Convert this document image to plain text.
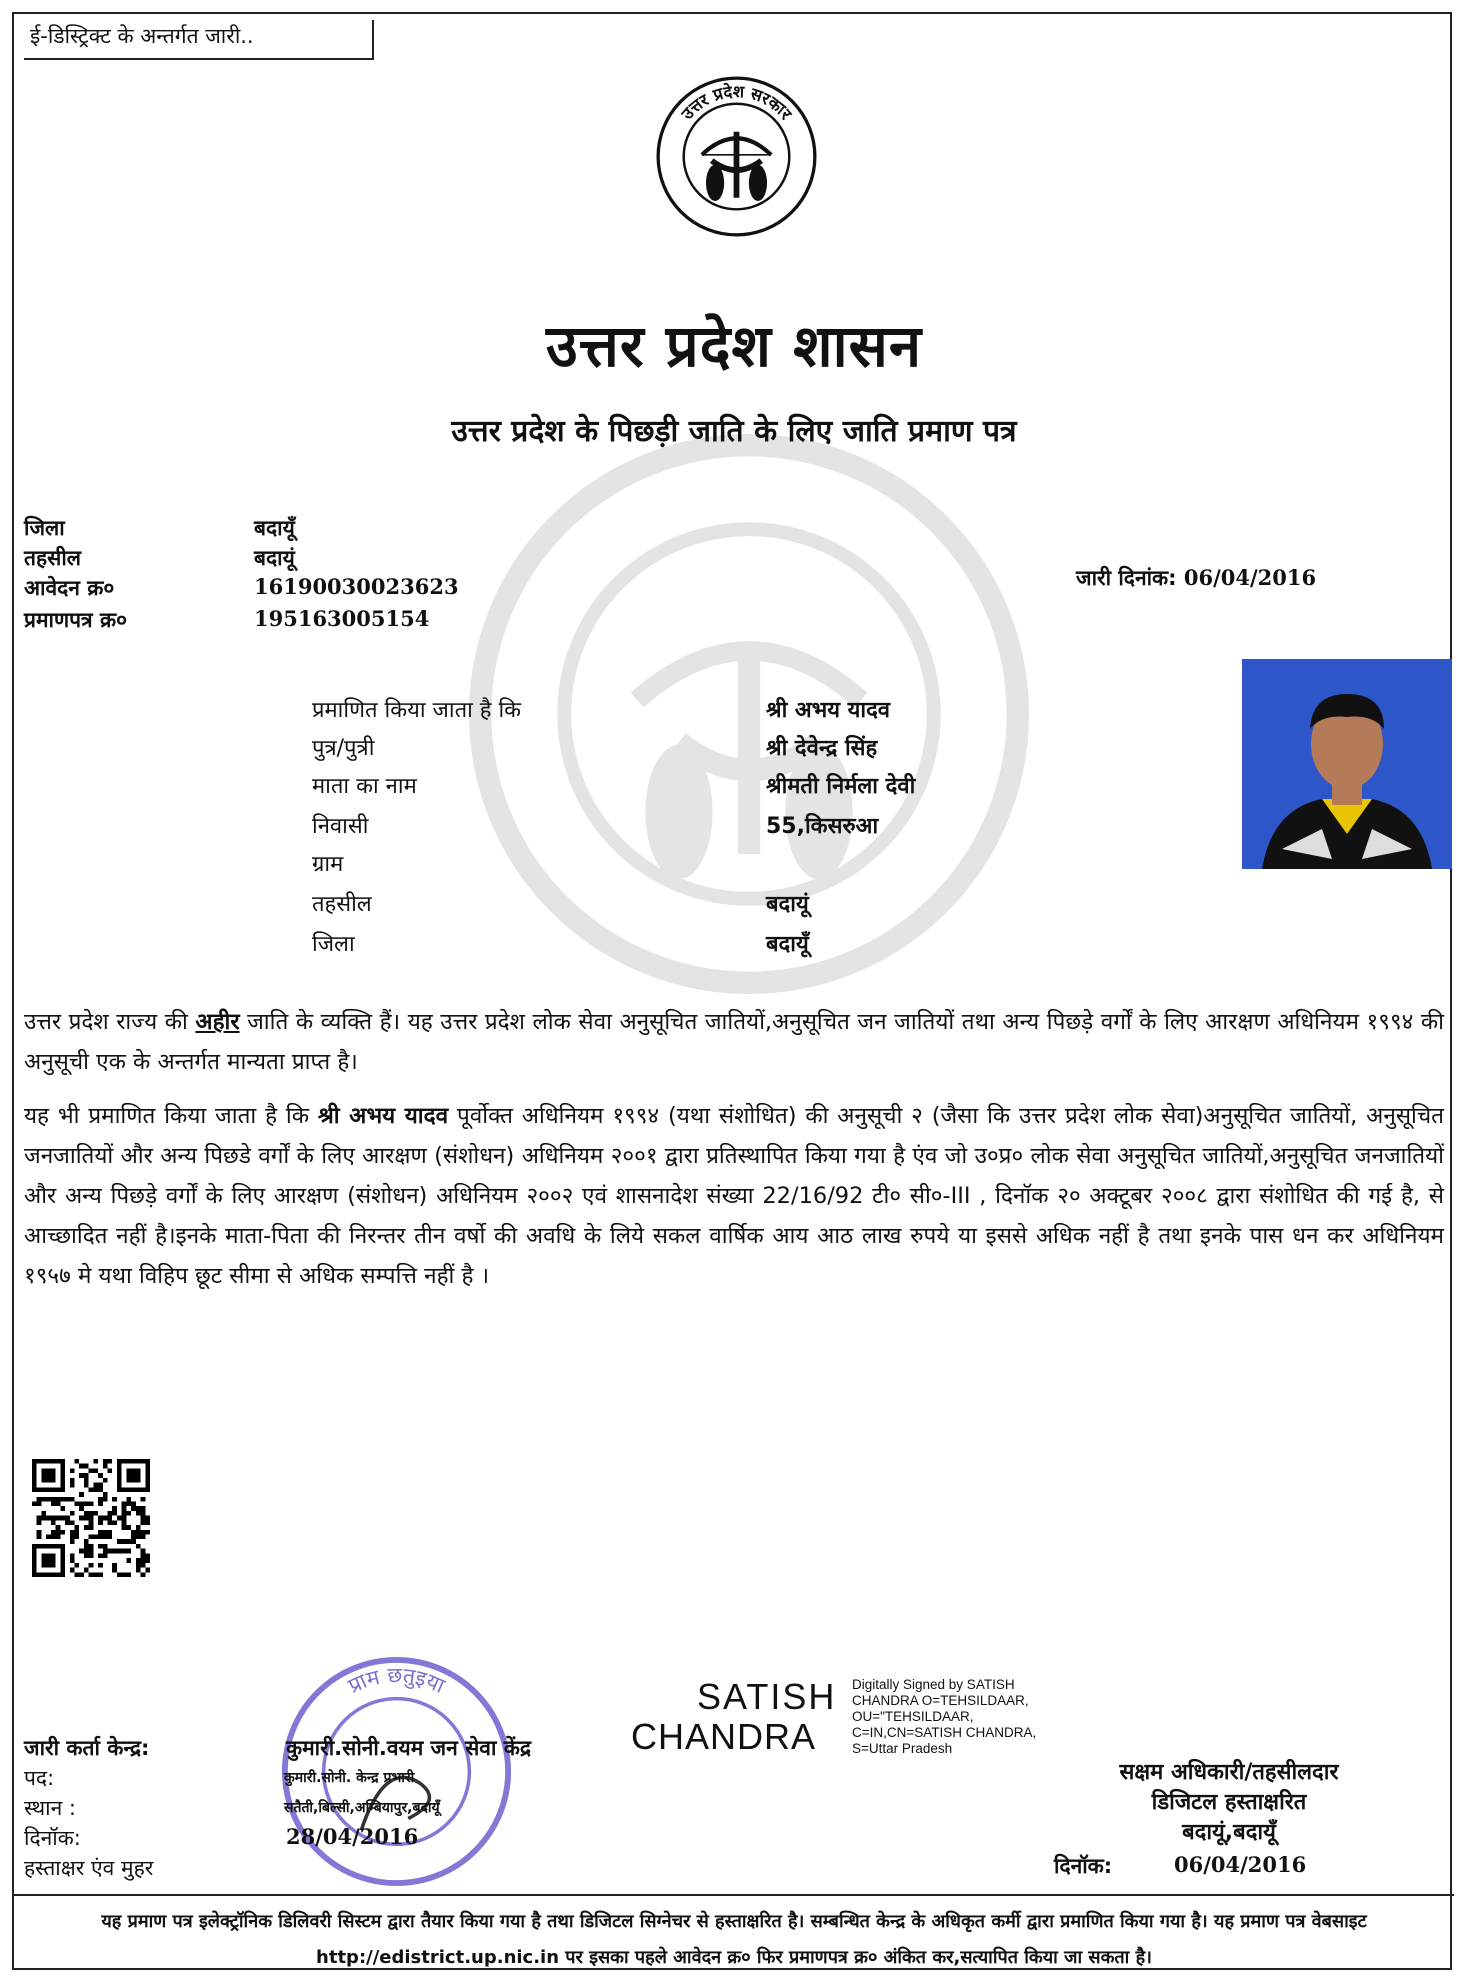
ई-डिस्ट्रिक्ट के अन्तर्गत जारी..
उत्तर प्रदेश सरकार
उत्तर प्रदेश शासन
उत्तर प्रदेश के पिछड़ी जाति के लिए जाति प्रमाण पत्र
जिला	बदायूँ
तहसील	बदायूं
आवेदन क्र०	16190030023623
प्रमाणपत्र क्र०	195163005154
जारी दिनांक: 06/04/2016
प्रमाणित किया जाता है कि	श्री अभय यादव
पुत्र/पुत्री	श्री देवेन्द्र सिंह
माता का नाम	श्रीमती निर्मला देवी
निवासी	55,किसरुआ
ग्राम
तहसील	बदायूं
जिला	बदायूँ
उत्तर प्रदेश राज्य की अहीर जाति के व्यक्ति हैं। यह उत्तर प्रदेश लोक सेवा अनुसूचित जातियों,अनुसूचित जन जातियों तथा अन्य पिछड़े वर्गों के लिए आरक्षण अधिनियम १९९४ की अनुसूची एक के अन्तर्गत मान्यता प्राप्त है।
यह भी प्रमाणित किया जाता है कि श्री अभय यादव पूर्वोक्त अधिनियम १९९४ (यथा संशोधित) की अनुसूची २ (जैसा कि उत्तर प्रदेश लोक सेवा)अनुसूचित जातियों, अनुसूचित जनजातियों और अन्य पिछडे वर्गों के लिए आरक्षण (संशोधन) अधिनियम २००१ द्वारा प्रतिस्थापित किया गया है एंव जो उ०प्र० लोक सेवा अनुसूचित जातियों,अनुसूचित जनजातियों और अन्य पिछड़े वर्गों के लिए आरक्षण (संशोधन) अधिनियम २००२ एवं शासनादेश संख्या 22/16/92 टी० सी०-III , दिनॉक २० अक्टूबर २००८ द्वारा संशोधित की गई है, से आच्छादित नहीं है।इनके माता-पिता की निरन्तर तीन वर्षो की अवधि के लिये सकल वार्षिक आय आठ लाख रुपये या इससे अधिक नहीं है तथा इनके पास धन कर अधिनियम १९५७ मे यथा विहिप छूट सीमा से अधिक सम्पत्ति नहीं है ।
प्राम छतुइया	SATISH
CHANDRA
Digitally Signed by SATISH CHANDRA O=TEHSILDAAR, OU="TEHSILDAAR, C=IN,CN=SATISH CHANDRA, S=Uttar Pradesh
जारी कर्ता केन्द्र:	कुमारी.सोनी.वयम जन सेवा केंद्र
पद:	कुमारी.सोनी. केन्द्र प्रभारी
स्थान :	सतैती,बिल्सी,अम्बियापुर,बदायूँ
दिनॉक:	28/04/2016
हस्ताक्षर एंव मुहर
सक्षम अधिकारी/तहसीलदार
डिजिटल हस्ताक्षरित
बदायूं,बदायूँ
दिनॉक:	06/04/2016
यह प्रमाण पत्र इलेक्ट्रॉनिक डिलिवरी सिस्टम द्वारा तैयार किया गया है तथा डिजिटल सिग्नेचर से हस्ताक्षरित है। सम्बन्धित केन्द्र के अधिकृत कर्मी द्वारा प्रमाणित किया गया है। यह प्रमाण पत्र वेबसाइट http://edistrict.up.nic.in पर इसका पहले आवेदन क्र० फिर प्रमाणपत्र क्र० अंकित कर,सत्यापित किया जा सकता है।
